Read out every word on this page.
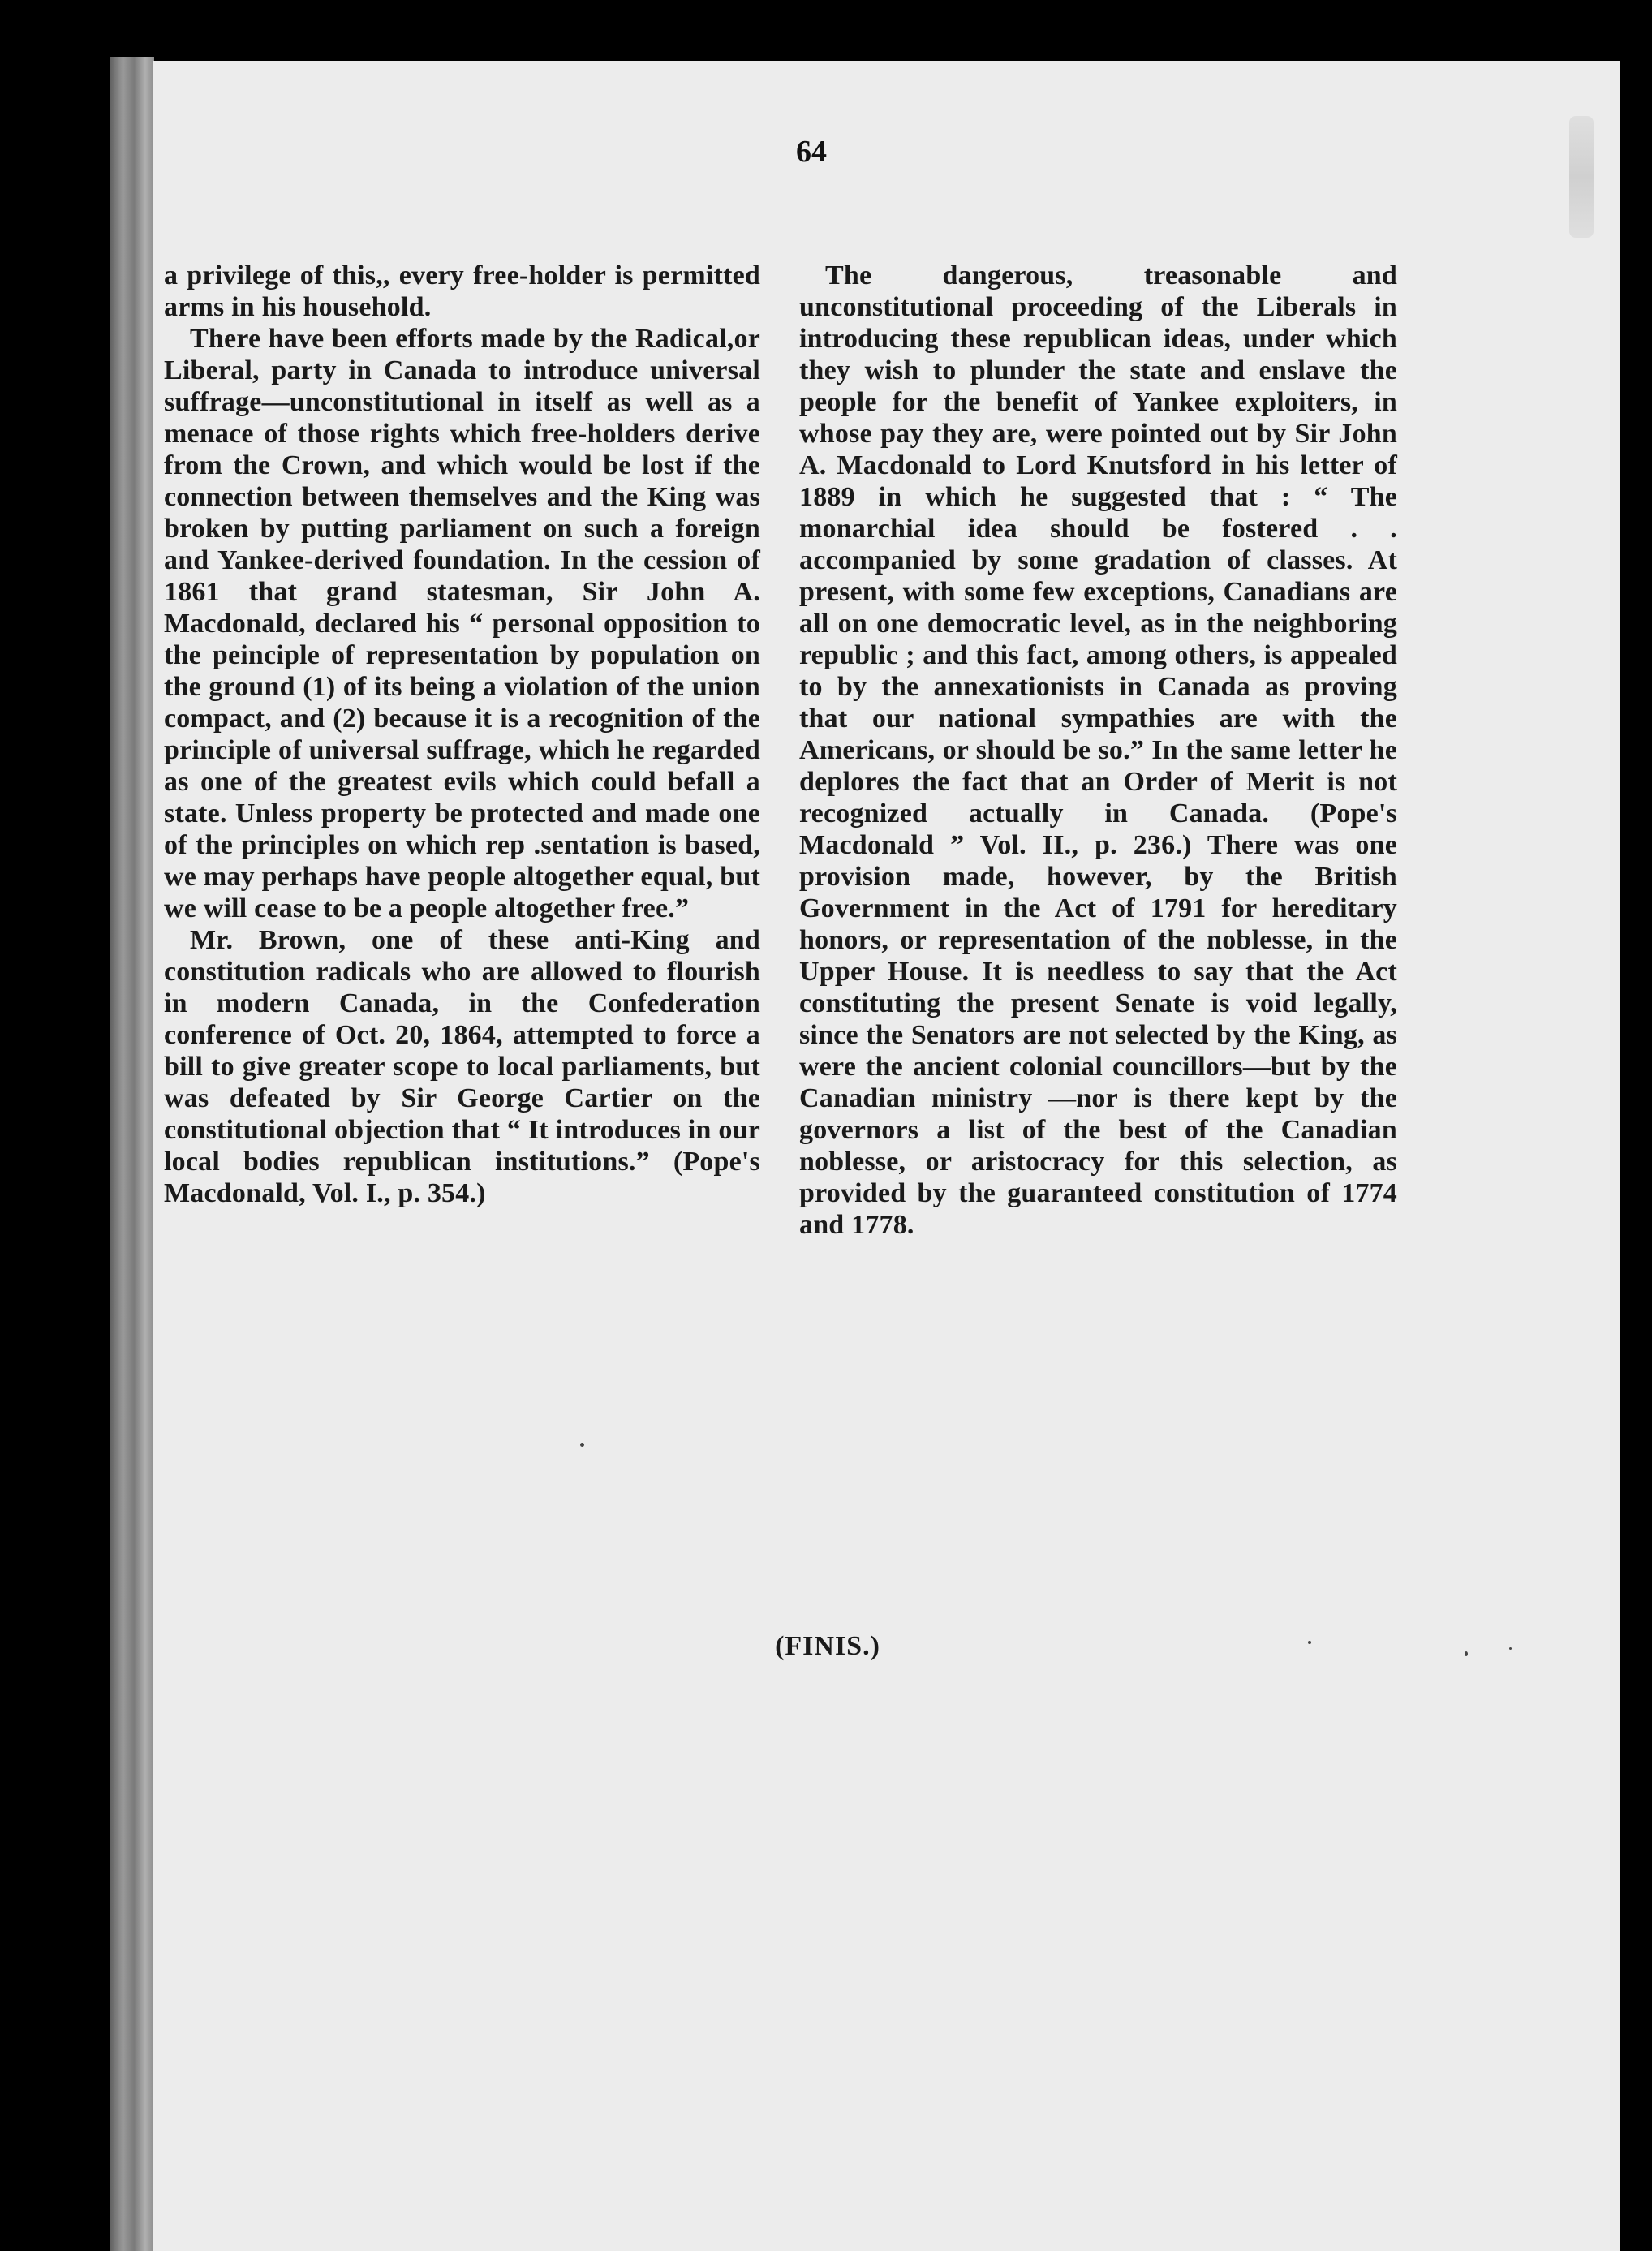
64

a privilege of this,, every free-holder is permitted arms in his household.

There have been efforts made by the Radical,or Liberal, party in Canada to introduce universal suffrage—unconstitutional in itself as well as a menace of those rights which free-holders derive from the Crown, and which would be lost if the connection between themselves and the King was broken by putting parliament on such a foreign and Yankee-derived foundation. In the cession of 1861 that grand statesman, Sir John A. Macdonald, declared his “ personal opposition to the peinciple of representation by population on the ground (1) of its being a violation of the union compact, and (2) because it is a recognition of the principle of universal suffrage, which he regarded as one of the greatest evils which could befall a state. Unless property be protected and made one of the principles on which rep .sentation is based, we may perhaps have people altogether equal, but we will cease to be a people altogether free.”

Mr. Brown, one of these anti-King and constitution radicals who are allowed to flourish in modern Canada, in the Confederation conference of Oct. 20, 1864, attempted to force a bill to give greater scope to local parliaments, but was defeated by Sir George Cartier on the constitutional objection that “ It introduces in our local bodies republican institutions.” (Pope's Macdonald, Vol. I., p. 354.)

The dangerous, treasonable and unconstitutional proceeding of the Liberals in introducing these republican ideas, under which they wish to plunder the state and enslave the people for the benefit of Yankee exploiters, in whose pay they are, were pointed out by Sir John A. Macdonald to Lord Knutsford in his letter of 1889 in which he suggested that : “ The monarchial idea should be fostered . . accompanied by some gradation of classes. At present, with some few exceptions, Canadians are all on one democratic level, as in the neighboring republic ; and this fact, among others, is appealed to by the annexationists in Canada as proving that our national sympathies are with the Americans, or should be so.” In the same letter he deplores the fact that an Order of Merit is not recognized actually in Canada. (Pope's Macdonald ” Vol. II., p. 236.) There was one provision made, however, by the British Government in the Act of 1791 for hereditary honors, or representation of the noblesse, in the Upper House. It is needless to say that the Act constituting the present Senate is void legally, since the Senators are not selected by the King, as were the ancient colonial councillors—but by the Canadian ministry —nor is there kept by the governors a list of the best of the Canadian noblesse, or aristocracy for this selection, as provided by the guaranteed constitution of 1774 and 1778.

(FINIS.)
